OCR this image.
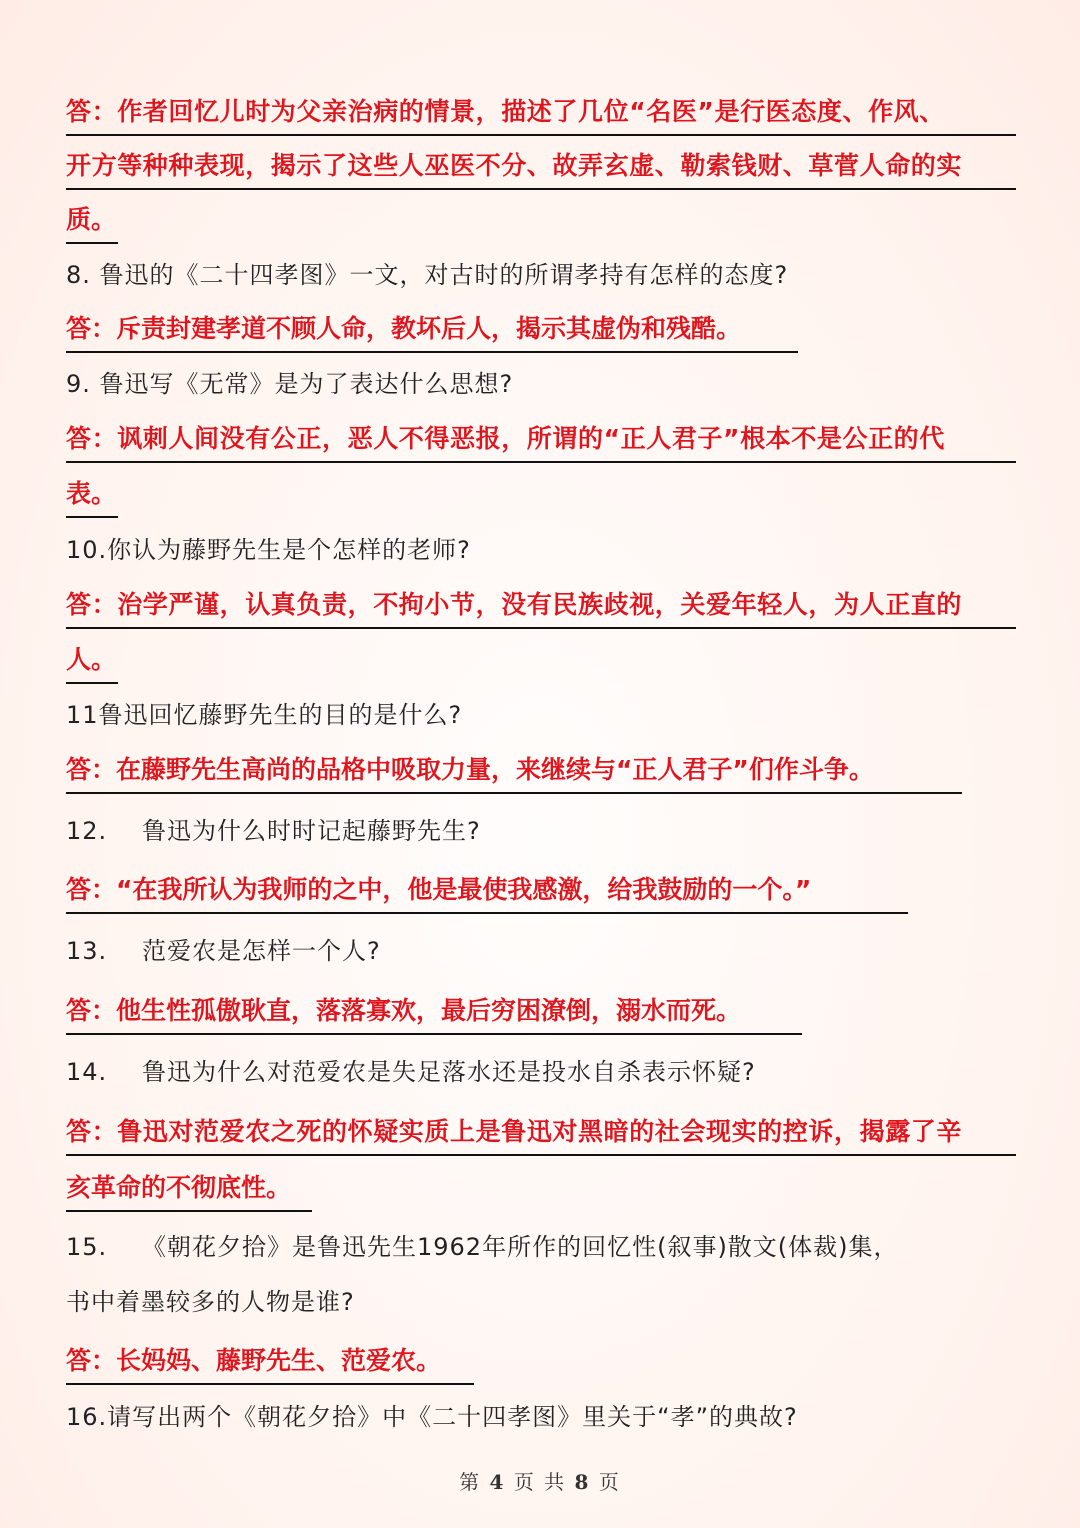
答：作者回忆儿时为父亲治病的情景，描述了几位“名医”是行医态度、作风、
开方等种种表现，揭示了这些人巫医不分、故弄玄虚、勒索钱财、草菅人命的实
质。
8. 鲁迅的《二十四孝图》一文，对古时的所谓孝持有怎样的态度?
答：斥责封建孝道不顾人命，教坏后人，揭示其虚伪和残酷。
9. 鲁迅写《无常》是为了表达什么思想?
答：讽刺人间没有公正，恶人不得恶报，所谓的“正人君子”根本不是公正的代
表。
10.你认为藤野先生是个怎样的老师?
答：治学严谨，认真负责，不拘小节，没有民族歧视，关爱年轻人，为人正直的
人。
11鲁迅回忆藤野先生的目的是什么?
答：在藤野先生高尚的品格中吸取力量，来继续与“正人君子”们作斗争。
12. 鲁迅为什么时时记起藤野先生?
答：“在我所认为我师的之中，他是最使我感激，给我鼓励的一个。”
13. 范爱农是怎样一个人?
答：他生性孤傲耿直，落落寡欢，最后穷困潦倒，溺水而死。
14. 鲁迅为什么对范爱农是失足落水还是投水自杀表示怀疑?
答：鲁迅对范爱农之死的怀疑实质上是鲁迅对黑暗的社会现实的控诉，揭露了辛
亥革命的不彻底性。
15. 《朝花夕拾》是鲁迅先生1962年所作的回忆性(叙事)散文(体裁)集，
书中着墨较多的人物是谁?
答：长妈妈、藤野先生、范爱农。
16.请写出两个《朝花夕拾》中《二十四孝图》里关于“孝”的典故?
第 4 页 共 8 页
